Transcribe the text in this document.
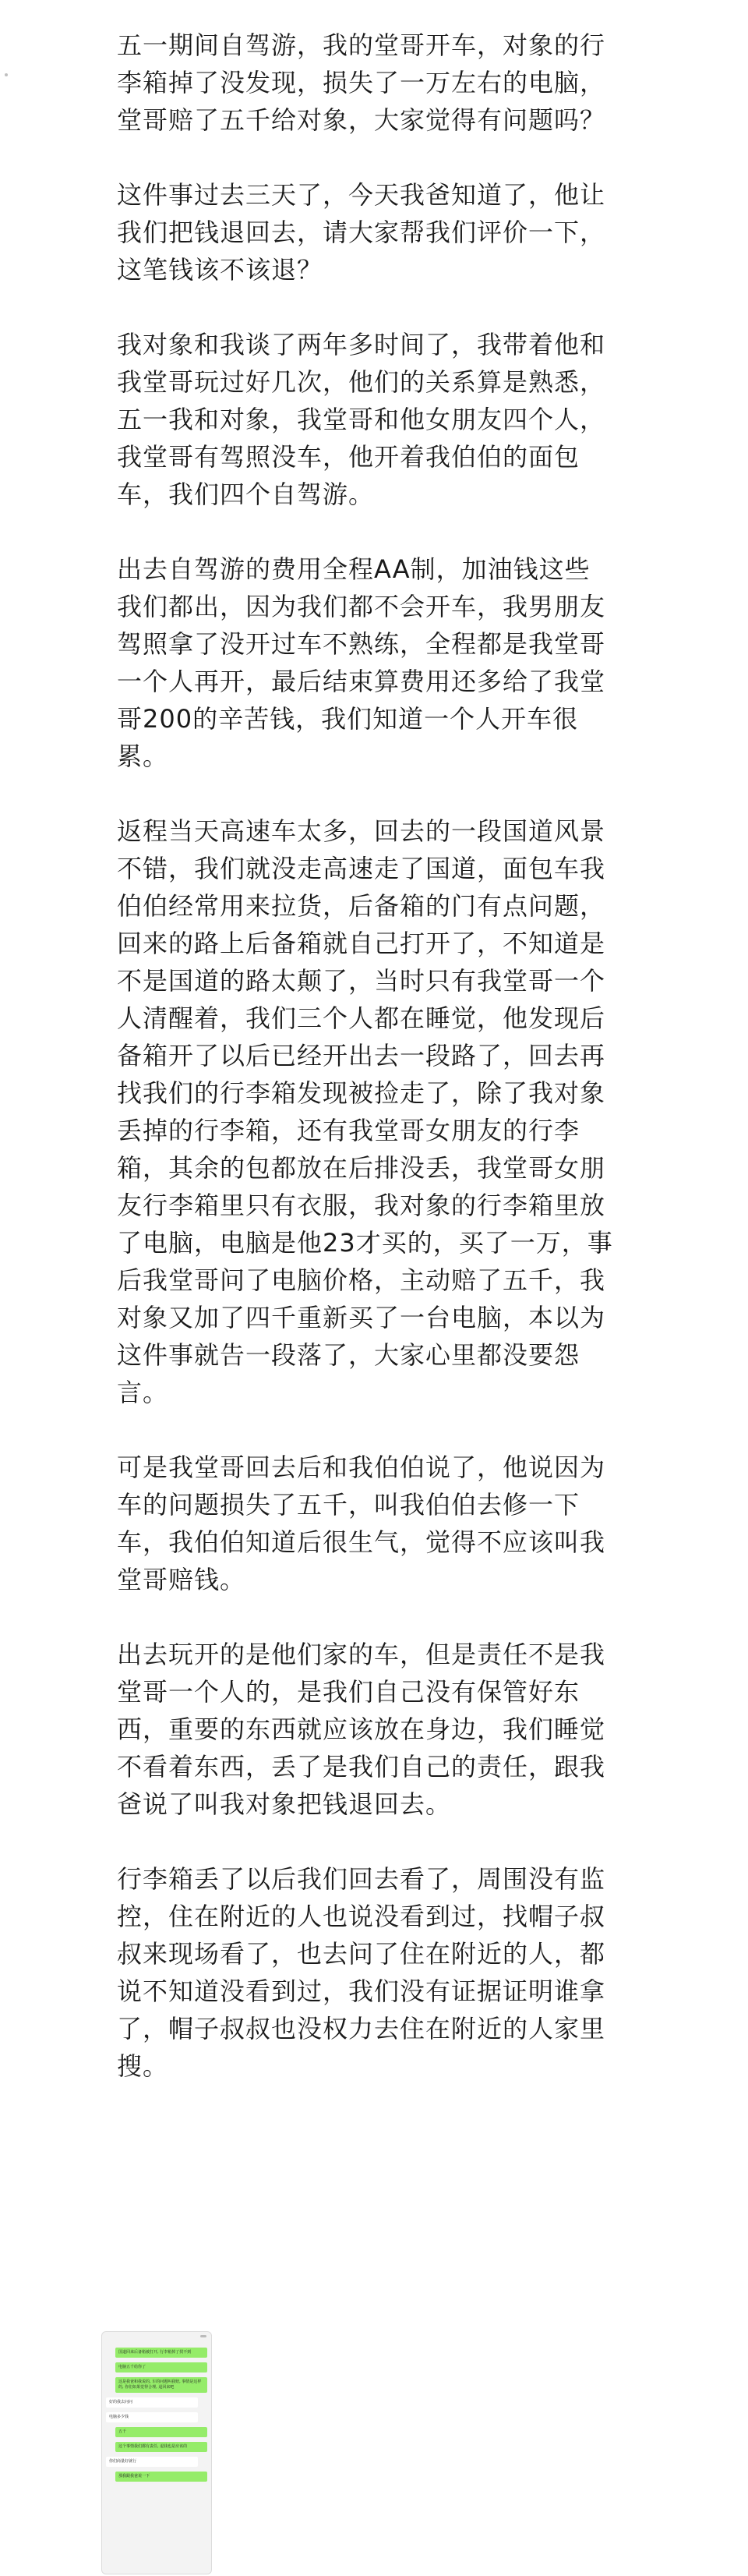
五一期间自驾游，我的堂哥开车，对象的行李箱掉了没发现，损失了一万左右的电脑，堂哥赔了五千给对象，大家觉得有问题吗？

这件事过去三天了，今天我爸知道了，他让我们把钱退回去，请大家帮我们评价一下，这笔钱该不该退？

我对象和我谈了两年多时间了，我带着他和我堂哥玩过好几次，他们的关系算是熟悉，五一我和对象，我堂哥和他女朋友四个人，我堂哥有驾照没车，他开着我伯伯的面包车，我们四个自驾游。

出去自驾游的费用全程AA制，加油钱这些我们都出，因为我们都不会开车，我男朋友驾照拿了没开过车不熟练，全程都是我堂哥一个人再开，最后结束算费用还多给了我堂哥200的辛苦钱，我们知道一个人开车很累。

返程当天高速车太多，回去的一段国道风景不错，我们就没走高速走了国道，面包车我伯伯经常用来拉货，后备箱的门有点问题，回来的路上后备箱就自己打开了，不知道是不是国道的路太颠了，当时只有我堂哥一个人清醒着，我们三个人都在睡觉，他发现后备箱开了以后已经开出去一段路了，回去再找我们的行李箱发现被捡走了，除了我对象丢掉的行李箱，还有我堂哥女朋友的行李箱，其余的包都放在后排没丢，我堂哥女朋友行李箱里只有衣服，我对象的行李箱里放了电脑，电脑是他23才买的，买了一万，事后我堂哥问了电脑价格，主动赔了五千，我对象又加了四千重新买了一台电脑，本以为这件事就告一段落了，大家心里都没要怨言。

可是我堂哥回去后和我伯伯说了，他说因为车的问题损失了五千，叫我伯伯去修一下车，我伯伯知道后很生气，觉得不应该叫我堂哥赔钱。

出去玩开的是他们家的车，但是责任不是我堂哥一个人的，是我们自己没有保管好东西，重要的东西就应该放在身边，我们睡觉不看着东西，丢了是我们自己的责任，跟我爸说了叫我对象把钱退回去。

行李箱丢了以后我们回去看了，周围没有监控，住在附近的人也说没看到过，找帽子叔叔来现场看了，也去问了住在附近的人，都说不知道没看到过，我们没有证据证明谁拿了，帽子叔叔也没权力去住在附近的人家里搜。

国道回来后备箱被打开, 行李箱掉了找不到
电脑五千给你了
这是我爸和我说的, 车的问题叫我赔, 事情是这样的, 你们如果觉得合理, 退回来吧
好的我去问问
电脑多少钱
五千
这个事情我们都有责任, 退钱也是应该的
你们商量好就行
那我跟我爸说一下
